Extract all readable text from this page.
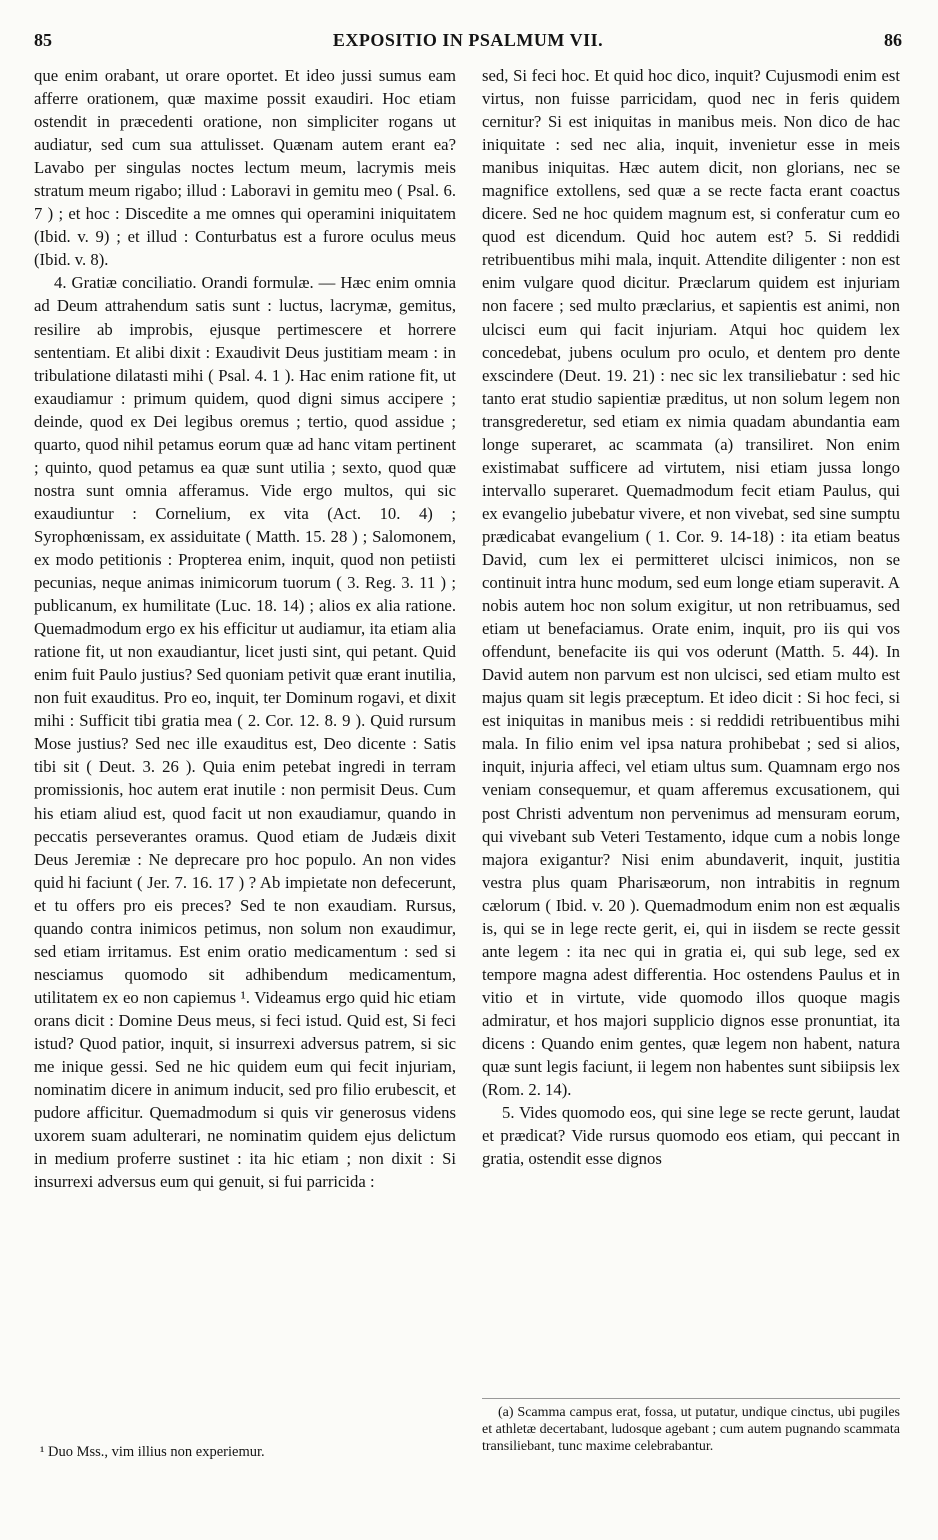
85	EXPOSITIO IN PSALMUM VII.	86

que enim orabant, ut orare oportet. Et ideo jussi sumus eam afferre orationem, quæ maxime possit exaudiri. Hoc etiam ostendit in præcedenti oratione, non simpliciter rogans ut audiatur, sed cum sua attulisset. Quænam autem erant ea? Lavabo per singulas noctes lectum meum, lacrymis meis stratum meum rigabo; illud : Laboravi in gemitu meo ( Psal. 6. 7 ) ; et hoc : Discedite a me omnes qui operamini iniquitatem (Ibid. v. 9) ; et illud : Conturbatus est a furore oculus meus (Ibid. v. 8).

4. Gratiæ conciliatio. Orandi formulæ. — Hæc enim omnia ad Deum attrahendum satis sunt : luctus, lacrymæ, gemitus, resilire ab improbis, ejusque pertimescere et horrere sententiam. Et alibi dixit : Exaudivit Deus justitiam meam : in tribulatione dilatasti mihi ( Psal. 4. 1 ). Hac enim ratione fit, ut exaudiamur : primum quidem, quod digni simus accipere ; deinde, quod ex Dei legibus oremus ; tertio, quod assidue ; quarto, quod nihil petamus eorum quæ ad hanc vitam pertinent ; quinto, quod petamus ea quæ sunt utilia ; sexto, quod quæ nostra sunt omnia afferamus. Vide ergo multos, qui sic exaudiuntur : Cornelium, ex vita (Act. 10. 4) ; Syrophœnissam, ex assiduitate ( Matth. 15. 28 ) ; Salomonem, ex modo petitionis : Propterea enim, inquit, quod non petiisti pecunias, neque animas inimicorum tuorum ( 3. Reg. 3. 11 ) ; publicanum, ex humilitate (Luc. 18. 14) ; alios ex alia ratione. Quemadmodum ergo ex his efficitur ut audiamur, ita etiam alia ratione fit, ut non exaudiantur, licet justi sint, qui petant. Quid enim fuit Paulo justius? Sed quoniam petivit quæ erant inutilia, non fuit exauditus. Pro eo, inquit, ter Dominum rogavi, et dixit mihi : Sufficit tibi gratia mea ( 2. Cor. 12. 8. 9 ). Quid rursum Mose justius? Sed nec ille exauditus est, Deo dicente : Satis tibi sit ( Deut. 3. 26 ). Quia enim petebat ingredi in terram promissionis, hoc autem erat inutile : non permisit Deus. Cum his etiam aliud est, quod facit ut non exaudiamur, quando in peccatis perseverantes oramus. Quod etiam de Judæis dixit Deus Jeremiæ : Ne deprecare pro hoc populo. An non vides quid hi faciunt ( Jer. 7. 16. 17 ) ? Ab impietate non defecerunt, et tu offers pro eis preces? Sed te non exaudiam. Rursus, quando contra inimicos petimus, non solum non exaudimur, sed etiam irritamus. Est enim oratio medicamentum : sed si nesciamus quomodo sit adhibendum medicamentum, utilitatem ex eo non capiemus ¹. Videamus ergo quid hic etiam orans dicit : Domine Deus meus, si feci istud. Quid est, Si feci istud? Quod patior, inquit, si insurrexi adversus patrem, si sic me inique gessi. Sed ne hic quidem eum qui fecit injuriam, nominatim dicere in animum inducit, sed pro filio erubescit, et pudore afficitur. Quemadmodum si quis vir generosus videns uxorem suam adulterari, ne nominatim quidem ejus delictum in medium proferre sustinet : ita hic etiam ; non dixit : Si insurrexi adversus eum qui genuit, si fui parricida :

¹ Duo Mss., vim illius non experiemur.

sed, Si feci hoc. Et quid hoc dico, inquit? Cujusmodi enim est virtus, non fuisse parricidam, quod nec in feris quidem cernitur? Si est iniquitas in manibus meis. Non dico de hac iniquitate : sed nec alia, inquit, invenietur esse in meis manibus iniquitas. Hæc autem dicit, non glorians, nec se magnifice extollens, sed quæ a se recte facta erant coactus dicere. Sed ne hoc quidem magnum est, si conferatur cum eo quod est dicendum. Quid hoc autem est? 5. Si reddidi retribuentibus mihi mala, inquit. Attendite diligenter : non est enim vulgare quod dicitur. Præclarum quidem est injuriam non facere ; sed multo præclarius, et sapientis est animi, non ulcisci eum qui facit injuriam. Atqui hoc quidem lex concedebat, jubens oculum pro oculo, et dentem pro dente exscindere (Deut. 19. 21) : nec sic lex transiliebatur : sed hic tanto erat studio sapientiæ præditus, ut non solum legem non transgrederetur, sed etiam ex nimia quadam abundantia eam longe superaret, ac scammata (a) transiliret. Non enim existimabat sufficere ad virtutem, nisi etiam jussa longo intervallo superaret. Quemadmodum fecit etiam Paulus, qui ex evangelio jubebatur vivere, et non vivebat, sed sine sumptu prædicabat evangelium ( 1. Cor. 9. 14-18) : ita etiam beatus David, cum lex ei permitteret ulcisci inimicos, non se continuit intra hunc modum, sed eum longe etiam superavit. A nobis autem hoc non solum exigitur, ut non retribuamus, sed etiam ut benefaciamus. Orate enim, inquit, pro iis qui vos offendunt, benefacite iis qui vos oderunt (Matth. 5. 44). In David autem non parvum est non ulcisci, sed etiam multo est majus quam sit legis præceptum. Et ideo dicit : Si hoc feci, si est iniquitas in manibus meis : si reddidi retribuentibus mihi mala. In filio enim vel ipsa natura prohibebat ; sed si alios, inquit, injuria affeci, vel etiam ultus sum. Quamnam ergo nos veniam consequemur, et quam afferemus excusationem, qui post Christi adventum non pervenimus ad mensuram eorum, qui vivebant sub Veteri Testamento, idque cum a nobis longe majora exigantur? Nisi enim abundaverit, inquit, justitia vestra plus quam Pharisæorum, non intrabitis in regnum cælorum ( Ibid. v. 20 ). Quemadmodum enim non est æqualis is, qui se in lege recte gerit, ei, qui in iisdem se recte gessit ante legem : ita nec qui in gratia ei, qui sub lege, sed ex tempore magna adest differentia. Hoc ostendens Paulus et in vitio et in virtute, vide quomodo illos quoque magis admiratur, et hos majori supplicio dignos esse pronuntiat, ita dicens : Quando enim gentes, quæ legem non habent, natura quæ sunt legis faciunt, ii legem non habentes sunt sibiipsis lex (Rom. 2. 14).

5. Vides quomodo eos, qui sine lege se recte gerunt, laudat et prædicat? Vide rursus quomodo eos etiam, qui peccant in gratia, ostendit esse dignos

(a) Scamma campus erat, fossa, ut putatur, undique cinctus, ubi pugiles et athletæ decertabant, ludosque agebant ; cum autem pugnando scammata transiliebant, tunc maxime celebrabantur.
